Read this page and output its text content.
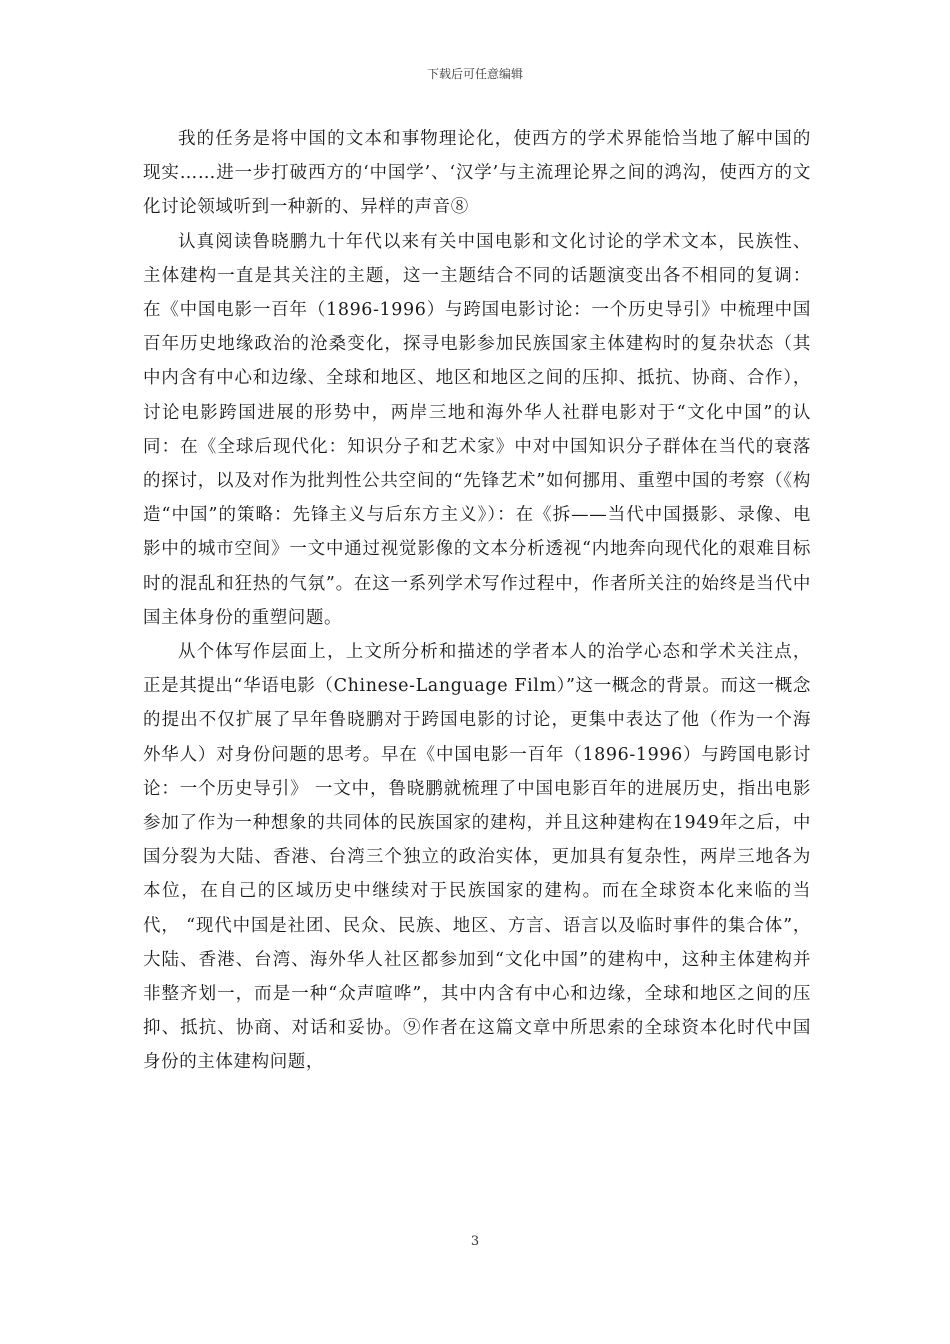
下载后可任意编辑

我的任务是将中国的文本和事物理论化，使西方的学术界能恰当地了解中国的现实……进一步打破西方的‘中国学’、‘汉学’与主流理论界之间的鸿沟，使西方的文化讨论领域听到一种新的、异样的声音⑧

认真阅读鲁晓鹏九十年代以来有关中国电影和文化讨论的学术文本，民族性、主体建构一直是其关注的主题，这一主题结合不同的话题演变出各不相同的复调：在《中国电影一百年（1896-1996）与跨国电影讨论：一个历史导引》中梳理中国百年历史地缘政治的沧桑变化，探寻电影参加民族国家主体建构时的复杂状态（其中内含有中心和边缘、全球和地区、地区和地区之间的压抑、抵抗、协商、合作），讨论电影跨国进展的形势中，两岸三地和海外华人社群电影对于“文化中国”的认同：在《全球后现代化：知识分子和艺术家》中对中国知识分子群体在当代的衰落的探讨，以及对作为批判性公共空间的“先锋艺术”如何挪用、重塑中国的考察（《构造“中国”的策略：先锋主义与后东方主义》）：在《拆——当代中国摄影、录像、电影中的城市空间》一文中通过视觉影像的文本分析透视“内地奔向现代化的艰难目标时的混乱和狂热的气氛”。在这一系列学术写作过程中，作者所关注的始终是当代中国主体身份的重塑问题。

从个体写作层面上，上文所分析和描述的学者本人的治学心态和学术关注点，正是其提出“华语电影（Chinese-Language Film）”这一概念的背景。而这一概念的提出不仅扩展了早年鲁晓鹏对于跨国电影的讨论，更集中表达了他（作为一个海外华人）对身份问题的思考。早在《中国电影一百年（1896-1996）与跨国电影讨论：一个历史导引》 一文中，鲁晓鹏就梳理了中国电影百年的进展历史，指出电影参加了作为一种想象的共同体的民族国家的建构，并且这种建构在1949年之后，中国分裂为大陆、香港、台湾三个独立的政治实体，更加具有复杂性，两岸三地各为本位，在自己的区域历史中继续对于民族国家的建构。而在全球资本化来临的当代， “现代中国是社团、民众、民族、地区、方言、语言以及临时事件的集合体”，大陆、香港、台湾、海外华人社区都参加到“文化中国”的建构中，这种主体建构并非整齐划一，而是一种“众声喧哗”，其中内含有中心和边缘，全球和地区之间的压抑、抵抗、协商、对话和妥协。⑨作者在这篇文章中所思索的全球资本化时代中国身份的主体建构问题，

3
